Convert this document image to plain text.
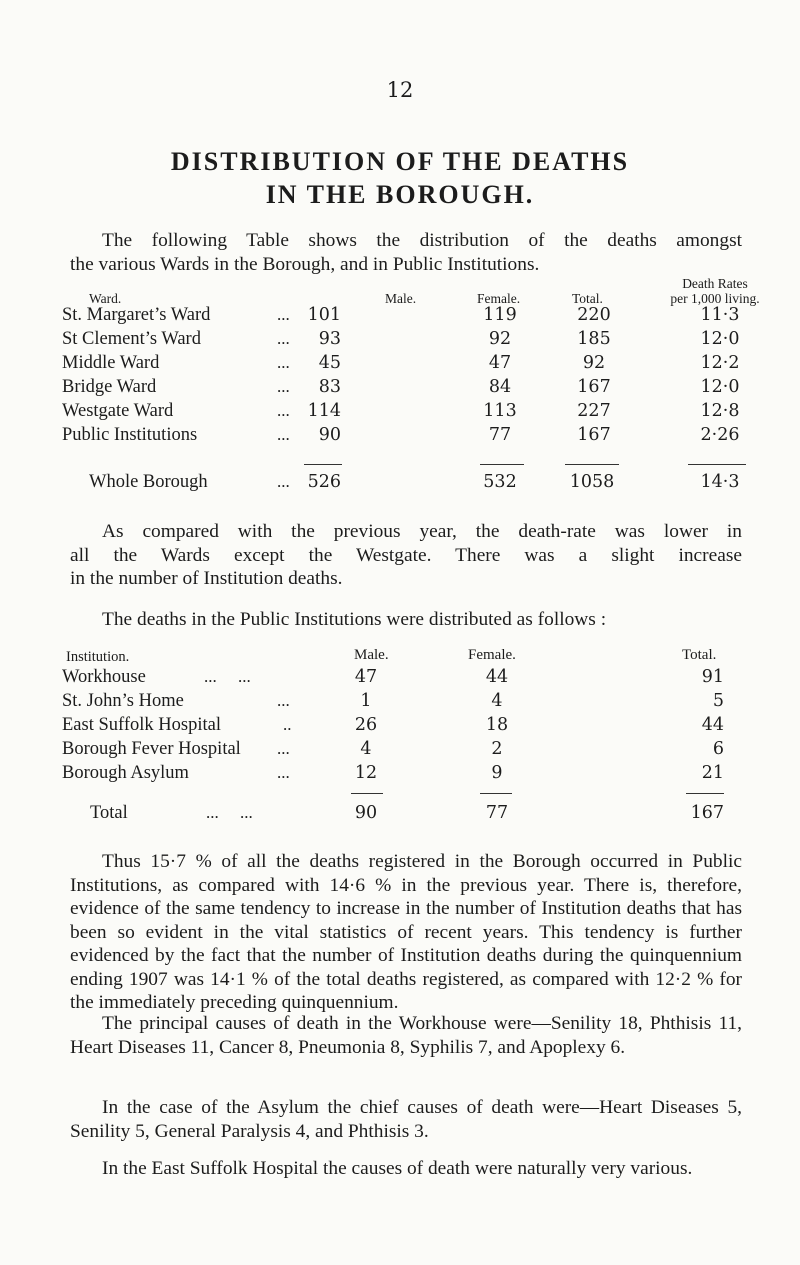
12
DISTRIBUTION OF THE DEATHS
IN THE BOROUGH.
The following Table shows the distribution of the deaths amongst
the various Wards in the Borough, and in Public Institutions.
Ward.	Male.	Female.	Total.
Death Rates
per 1,000 living.
St. Margaret’s Ward	...	101	119	220	11·3
St Clement’s Ward	...	93	92	185	12·0
Middle Ward	...	45	47	92	12·2
Bridge Ward	...	83	84	167	12·0
Westgate Ward	...	114	113	227	12·8
Public Institutions	...	90	77	167	2·26
Whole Borough	...	526	532	1058	14·3
As compared with the previous year, the death-rate was lower in
all the Wards except the Westgate. There was a slight increase
in the number of Institution deaths.
The deaths in the Public Institutions were distributed as follows :
Institution.	Male.	Female.	Total.
Workhouse	...     ...	47	44	91
St. John’s Home	...	1	4	5
East Suffolk Hospital	..	26	18	44
Borough Fever Hospital ...	4	2	6
Borough Asylum	...	12	9	21
Total	...     ...	90	77	167
Thus 15·7 % of all the deaths registered in the Borough occurred in Public Institutions, as compared with 14·6 % in the previous year. There is, therefore, evidence of the same tendency to increase in the number of Institution deaths that has been so evident in the vital statistics of recent years. This tendency is further evidenced by the fact that the number of Institution deaths during the quinquennium ending 1907 was 14·1 % of the total deaths registered, as compared with 12·2 % for the immediately preceding quinquennium.
The principal causes of death in the Workhouse were—Senility 18, Phthisis 11, Heart Diseases 11, Cancer 8, Pneumonia 8, Syphilis 7, and Apoplexy 6.
In the case of the Asylum the chief causes of death were—Heart Diseases 5, Senility 5, General Paralysis 4, and Phthisis 3.
In the East Suffolk Hospital the causes of death were naturally very various.
